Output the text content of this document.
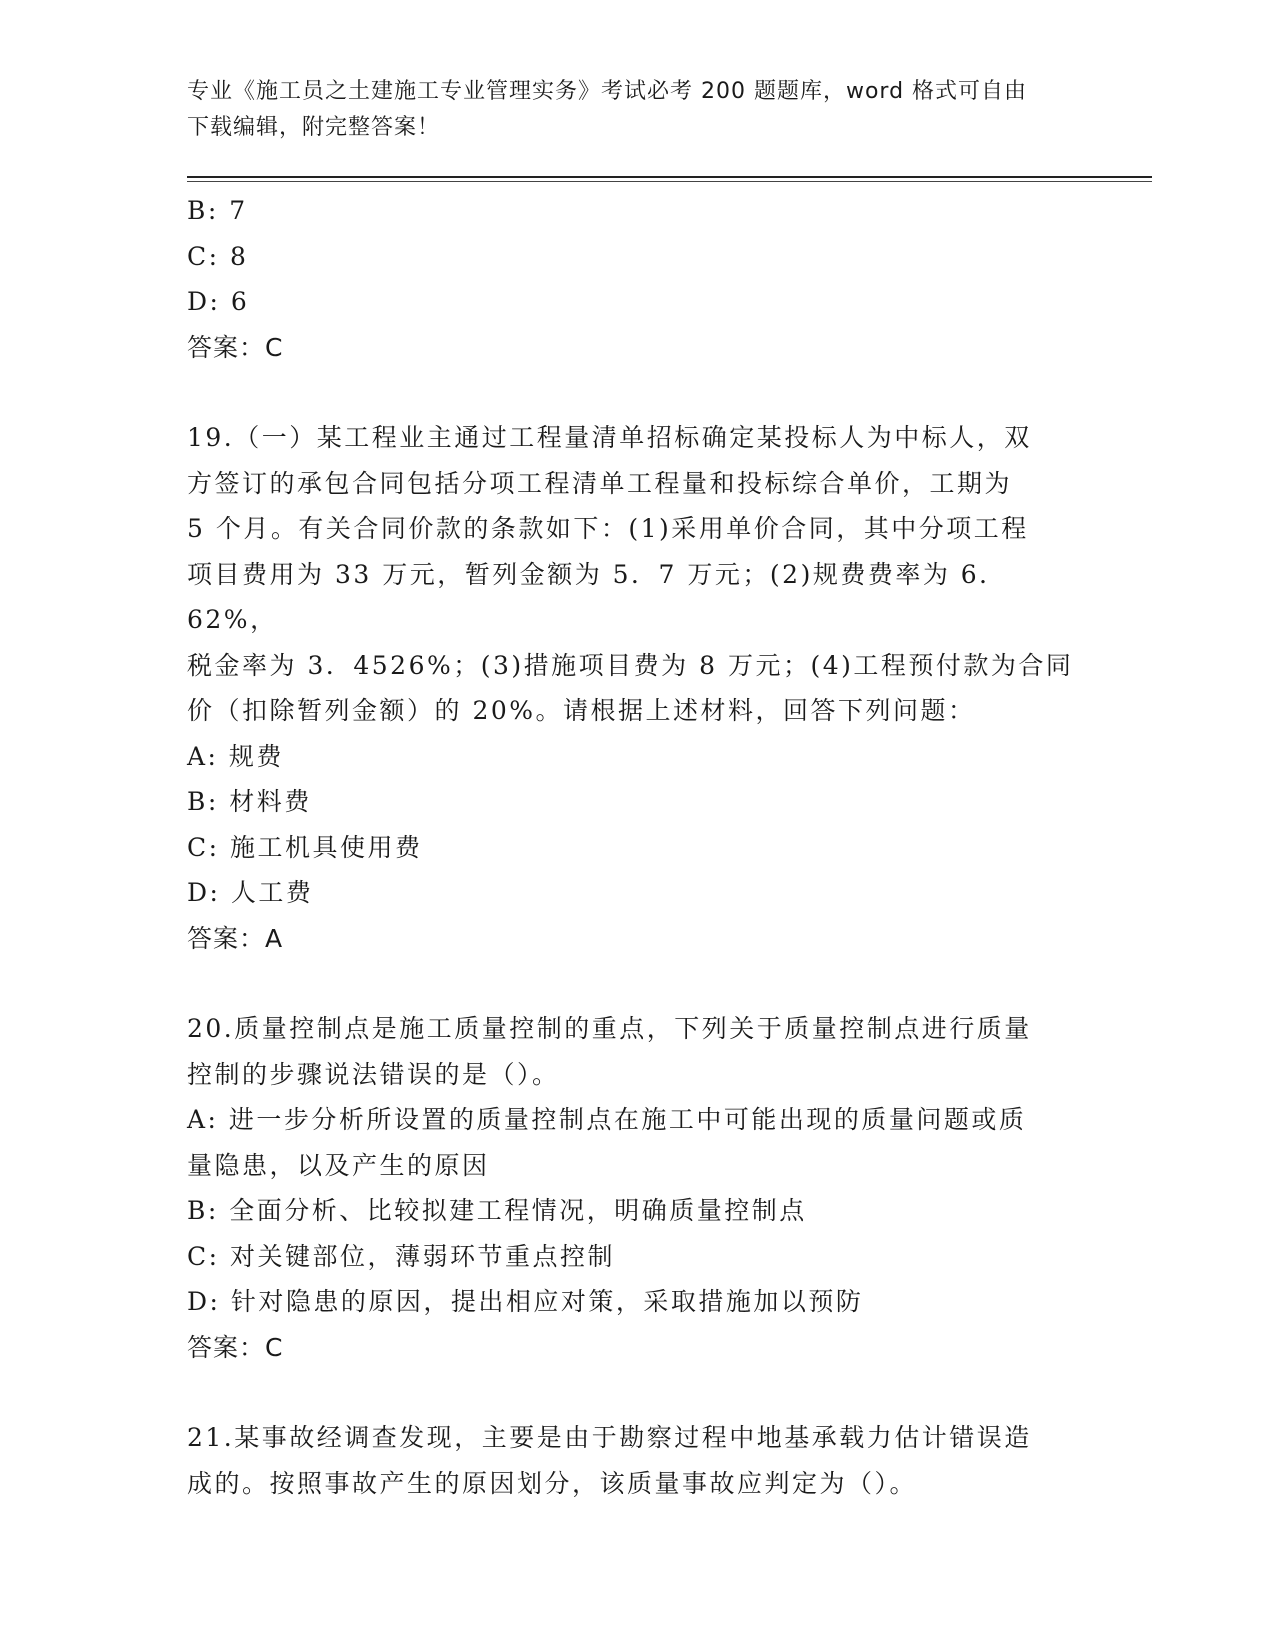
专业《施工员之土建施工专业管理实务》考试必考 200 题题库，word 格式可自由
下载编辑，附完整答案！

B: 7

C: 8

D: 6

答案：C

19.（一）某工程业主通过工程量清单招标确定某投标人为中标人，双

方签订的承包合同包括分项工程清单工程量和投标综合单价，工期为

5 个月。有关合同价款的条款如下：(1)采用单价合同，其中分项工程

项目费用为 33 万元，暂列金额为 5．7 万元；(2)规费费率为 6．62%，

税金率为 3．4526%；(3)措施项目费为 8 万元；(4)工程预付款为合同

价（扣除暂列金额）的 20%。请根据上述材料，回答下列问题：

A: 规费

B: 材料费

C: 施工机具使用费

D: 人工费

答案：A

20.质量控制点是施工质量控制的重点，下列关于质量控制点进行质量

控制的步骤说法错误的是（）。

A: 进一步分析所设置的质量控制点在施工中可能出现的质量问题或质

量隐患，以及产生的原因

B: 全面分析、比较拟建工程情况，明确质量控制点

C: 对关键部位，薄弱环节重点控制

D: 针对隐患的原因，提出相应对策，采取措施加以预防

答案：C

21.某事故经调查发现，主要是由于勘察过程中地基承载力估计错误造

成的。按照事故产生的原因划分，该质量事故应判定为（）。
